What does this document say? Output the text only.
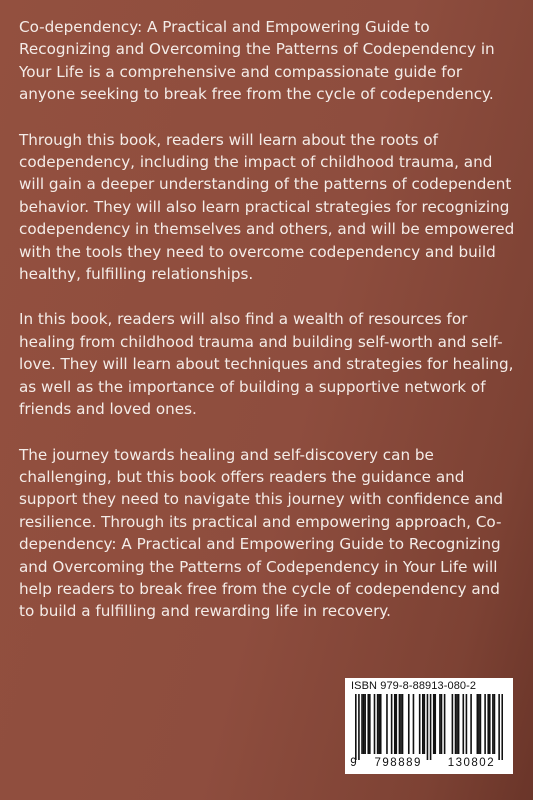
Co-dependency: A Practical and Empowering Guide to Recognizing and Overcoming the Patterns of Codependency in Your Life is a comprehensive and compassionate guide for anyone seeking to break free from the cycle of codependency.

Through this book, readers will learn about the roots of codependency, including the impact of childhood trauma, and will gain a deeper understanding of the patterns of codependent behavior. They will also learn practical strategies for recognizing codependency in themselves and others, and will be empowered with the tools they need to overcome codependency and build healthy, fulfilling relationships.

In this book, readers will also find a wealth of resources for healing from childhood trauma and building self-worth and self-love. They will learn about techniques and strategies for healing, as well as the importance of building a supportive network of friends and loved ones.

The journey towards healing and self-discovery can be challenging, but this book offers readers the guidance and support they need to navigate this journey with confidence and resilience. Through its practical and empowering approach, Co-dependency: A Practical and Empowering Guide to Recognizing and Overcoming the Patterns of Codependency in Your Life will help readers to break free from the cycle of codependency and to build a fulfilling and rewarding life in recovery.

ISBN 979-8-88913-080-2
9 798889 130802
